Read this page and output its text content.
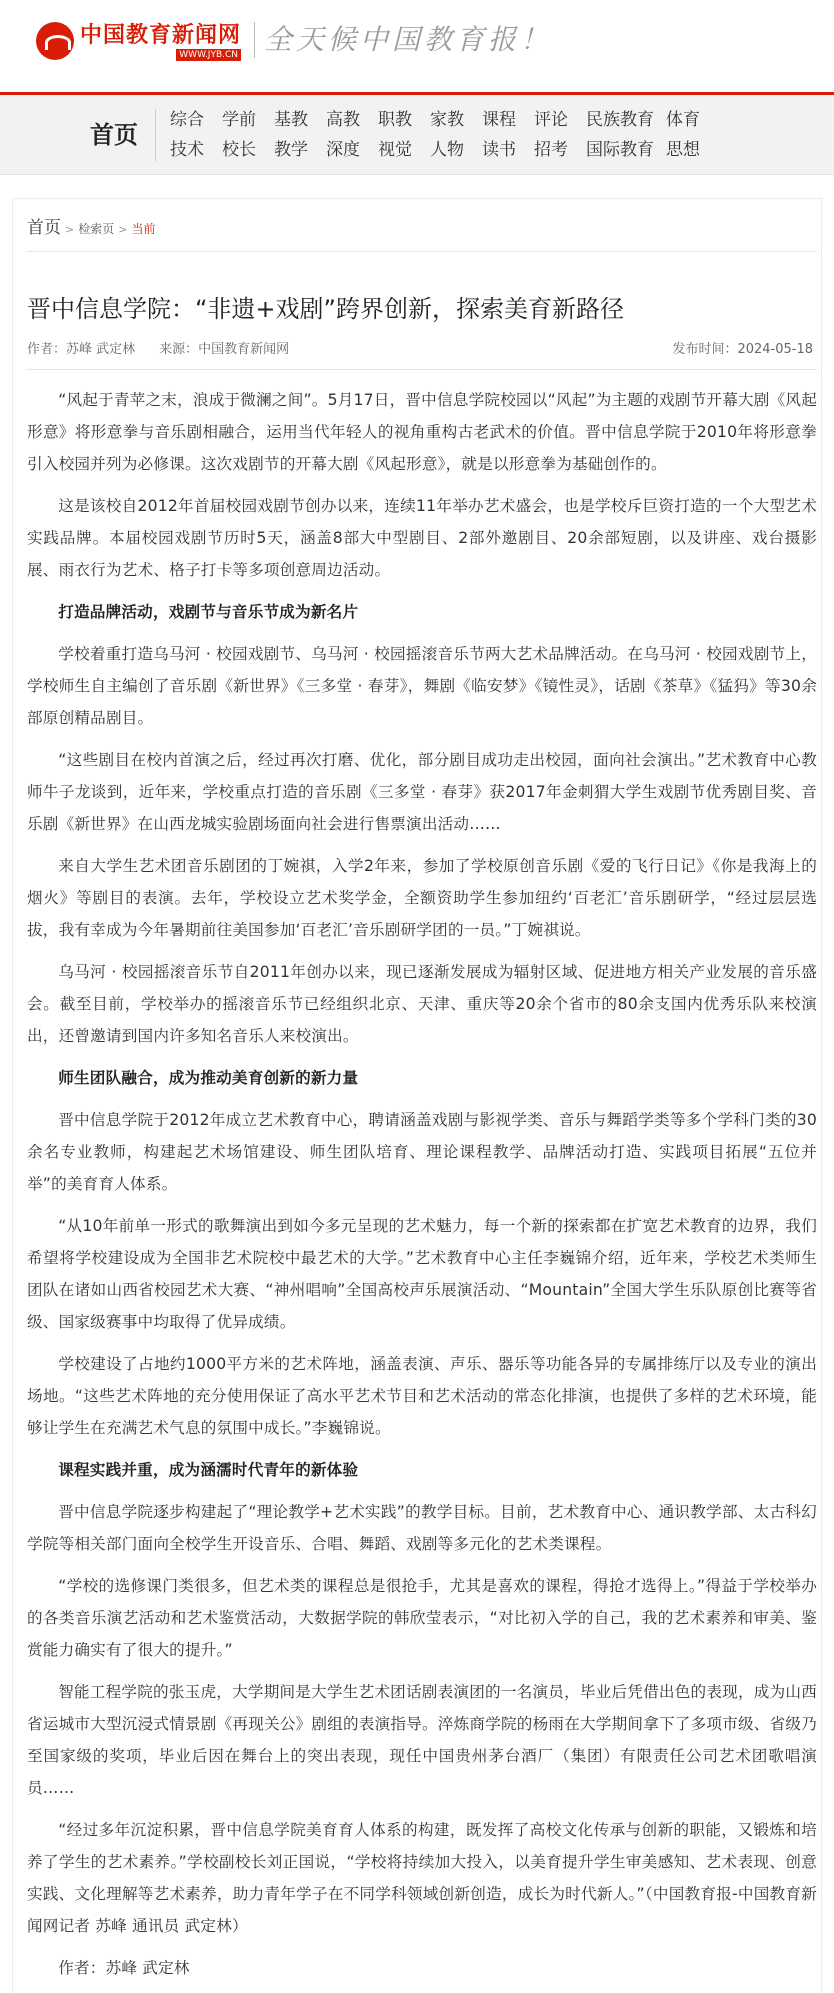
中国教育新闻网
WWW.JYB.CN 全天候中国教育报！
首页
综合	学前	基教	高教	职教	家教	课程	评论	民族教育 体育
技术	校长	教学	深度	视觉	人物	读书	招考	国际教育 思想
首页 > 检索页 > 当前
晋中信息学院：“非遗+戏剧”跨界创新，探索美育新路径
作者：苏峰 武定林 来源：中国教育新闻网	发布时间：2024-05-18

“风起于青苹之末，浪成于微澜之间”。5月17日，晋中信息学院校园以“风起”为主题的戏剧节开幕大剧《风起形意》将形意拳与音乐剧相融合，运用当代年轻人的视角重构古老武术的价值。晋中信息学院于2010年将形意拳引入校园并列为必修课。这次戏剧节的开幕大剧《风起形意》，就是以形意拳为基础创作的。

这是该校自2012年首届校园戏剧节创办以来，连续11年举办艺术盛会，也是学校斥巨资打造的一个大型艺术实践品牌。本届校园戏剧节历时5天，涵盖8部大中型剧目、2部外邀剧目、20余部短剧，以及讲座、戏台摄影展、雨衣行为艺术、格子打卡等多项创意周边活动。

打造品牌活动，戏剧节与音乐节成为新名片

学校着重打造乌马河 · 校园戏剧节、乌马河 · 校园摇滚音乐节两大艺术品牌活动。在乌马河 · 校园戏剧节上，学校师生自主编创了音乐剧《新世界》《三多堂 · 春芽》，舞剧《临安梦》《镜性灵》，话剧《茶草》《猛犸》等30余部原创精品剧目。

“这些剧目在校内首演之后，经过再次打磨、优化，部分剧目成功走出校园，面向社会演出。”艺术教育中心教师牛子龙谈到，近年来，学校重点打造的音乐剧《三多堂 · 春芽》获2017年金刺猬大学生戏剧节优秀剧目奖、音乐剧《新世界》在山西龙城实验剧场面向社会进行售票演出活动……

来自大学生艺术团音乐剧团的丁婉祺，入学2年来，参加了学校原创音乐剧《爱的飞行日记》《你是我海上的烟火》等剧目的表演。去年，学校设立艺术奖学金，全额资助学生参加纽约‘百老汇’音乐剧研学，“经过层层选拔，我有幸成为今年暑期前往美国参加‘百老汇’音乐剧研学团的一员。”丁婉祺说。

乌马河 · 校园摇滚音乐节自2011年创办以来，现已逐渐发展成为辐射区域、促进地方相关产业发展的音乐盛会。截至目前，学校举办的摇滚音乐节已经组织北京、天津、重庆等20余个省市的80余支国内优秀乐队来校演出，还曾邀请到国内许多知名音乐人来校演出。

师生团队融合，成为推动美育创新的新力量

晋中信息学院于2012年成立艺术教育中心，聘请涵盖戏剧与影视学类、音乐与舞蹈学类等多个学科门类的30余名专业教师，构建起艺术场馆建设、师生团队培育、理论课程教学、品牌活动打造、实践项目拓展“五位并举”的美育育人体系。

“从10年前单一形式的歌舞演出到如今多元呈现的艺术魅力，每一个新的探索都在扩宽艺术教育的边界，我们希望将学校建设成为全国非艺术院校中最艺术的大学。”艺术教育中心主任李巍锦介绍，近年来，学校艺术类师生团队在诸如山西省校园艺术大赛、“神州唱响”全国高校声乐展演活动、“Mountain”全国大学生乐队原创比赛等省级、国家级赛事中均取得了优异成绩。

学校建设了占地约1000平方米的艺术阵地，涵盖表演、声乐、器乐等功能各异的专属排练厅以及专业的演出场地。“这些艺术阵地的充分使用保证了高水平艺术节目和艺术活动的常态化排演，也提供了多样的艺术环境，能够让学生在充满艺术气息的氛围中成长。”李巍锦说。

课程实践并重，成为涵濡时代青年的新体验

晋中信息学院逐步构建起了“理论教学+艺术实践”的教学目标。目前，艺术教育中心、通识教学部、太古科幻学院等相关部门面向全校学生开设音乐、合唱、舞蹈、戏剧等多元化的艺术类课程。

“学校的选修课门类很多，但艺术类的课程总是很抢手，尤其是喜欢的课程，得抢才选得上。”得益于学校举办的各类音乐演艺活动和艺术鉴赏活动，大数据学院的韩欣莹表示，“对比初入学的自己，我的艺术素养和审美、鉴赏能力确实有了很大的提升。”

智能工程学院的张玉虎，大学期间是大学生艺术团话剧表演团的一名演员，毕业后凭借出色的表现，成为山西省运城市大型沉浸式情景剧《再现关公》剧组的表演指导。淬炼商学院的杨雨在大学期间拿下了多项市级、省级乃至国家级的奖项，毕业后因在舞台上的突出表现，现任中国贵州茅台酒厂（集团）有限责任公司艺术团歌唱演员……

“经过多年沉淀积累，晋中信息学院美育育人体系的构建，既发挥了高校文化传承与创新的职能，又锻炼和培养了学生的艺术素养。”学校副校长刘正国说，“学校将持续加大投入，以美育提升学生审美感知、艺术表现、创意实践、文化理解等艺术素养，助力青年学子在不同学科领域创新创造，成长为时代新人。”（中国教育报-中国教育新闻网记者 苏峰 通讯员 武定林）

作者：苏峰 武定林
